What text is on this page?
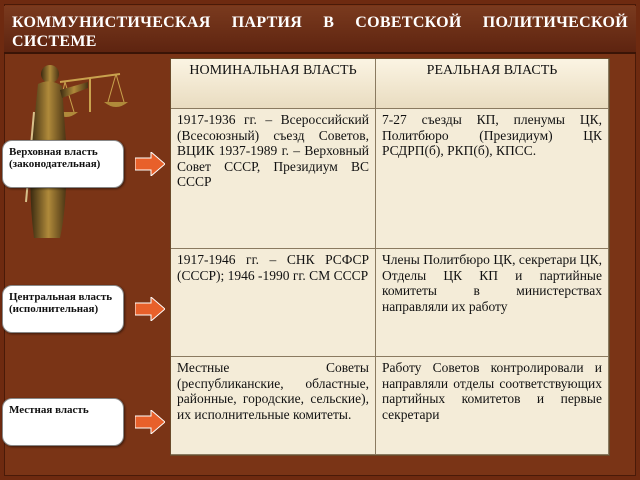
КОММУНИСТИЧЕСКАЯ ПАРТИЯ В СОВЕТСКОЙ ПОЛИТИЧЕСКОЙ СИСТЕМЕ
Верховная власть (законодательная)
Центральная власть (исполнительная)
Местная власть
НОМИНАЛЬНАЯ ВЛАСТЬ	РЕАЛЬНАЯ ВЛАСТЬ
1917-1936 гг. – Всероссийский (Всесоюзный) съезд Советов, ВЦИК 1937-1989 г. – Верховный Совет СССР, Президиум ВС СССР
7-27 съезды КП, пленумы ЦК, Политбюро (Президиум) ЦК РСДРП(б), РКП(б), КПСС.
1917-1946 гг. – СНК РСФСР (СССР); 1946 -1990 гг. СМ СССР
Члены Политбюро ЦК, секретари ЦК, Отделы ЦК КП и партийные комитеты в министерствах направляли их работу
Местные Советы (республиканские, областные, районные, городские, сельские), их исполнительные комитеты.
Работу Советов контролировали и направляли отделы соответствующих партийных комитетов и первые секретари
